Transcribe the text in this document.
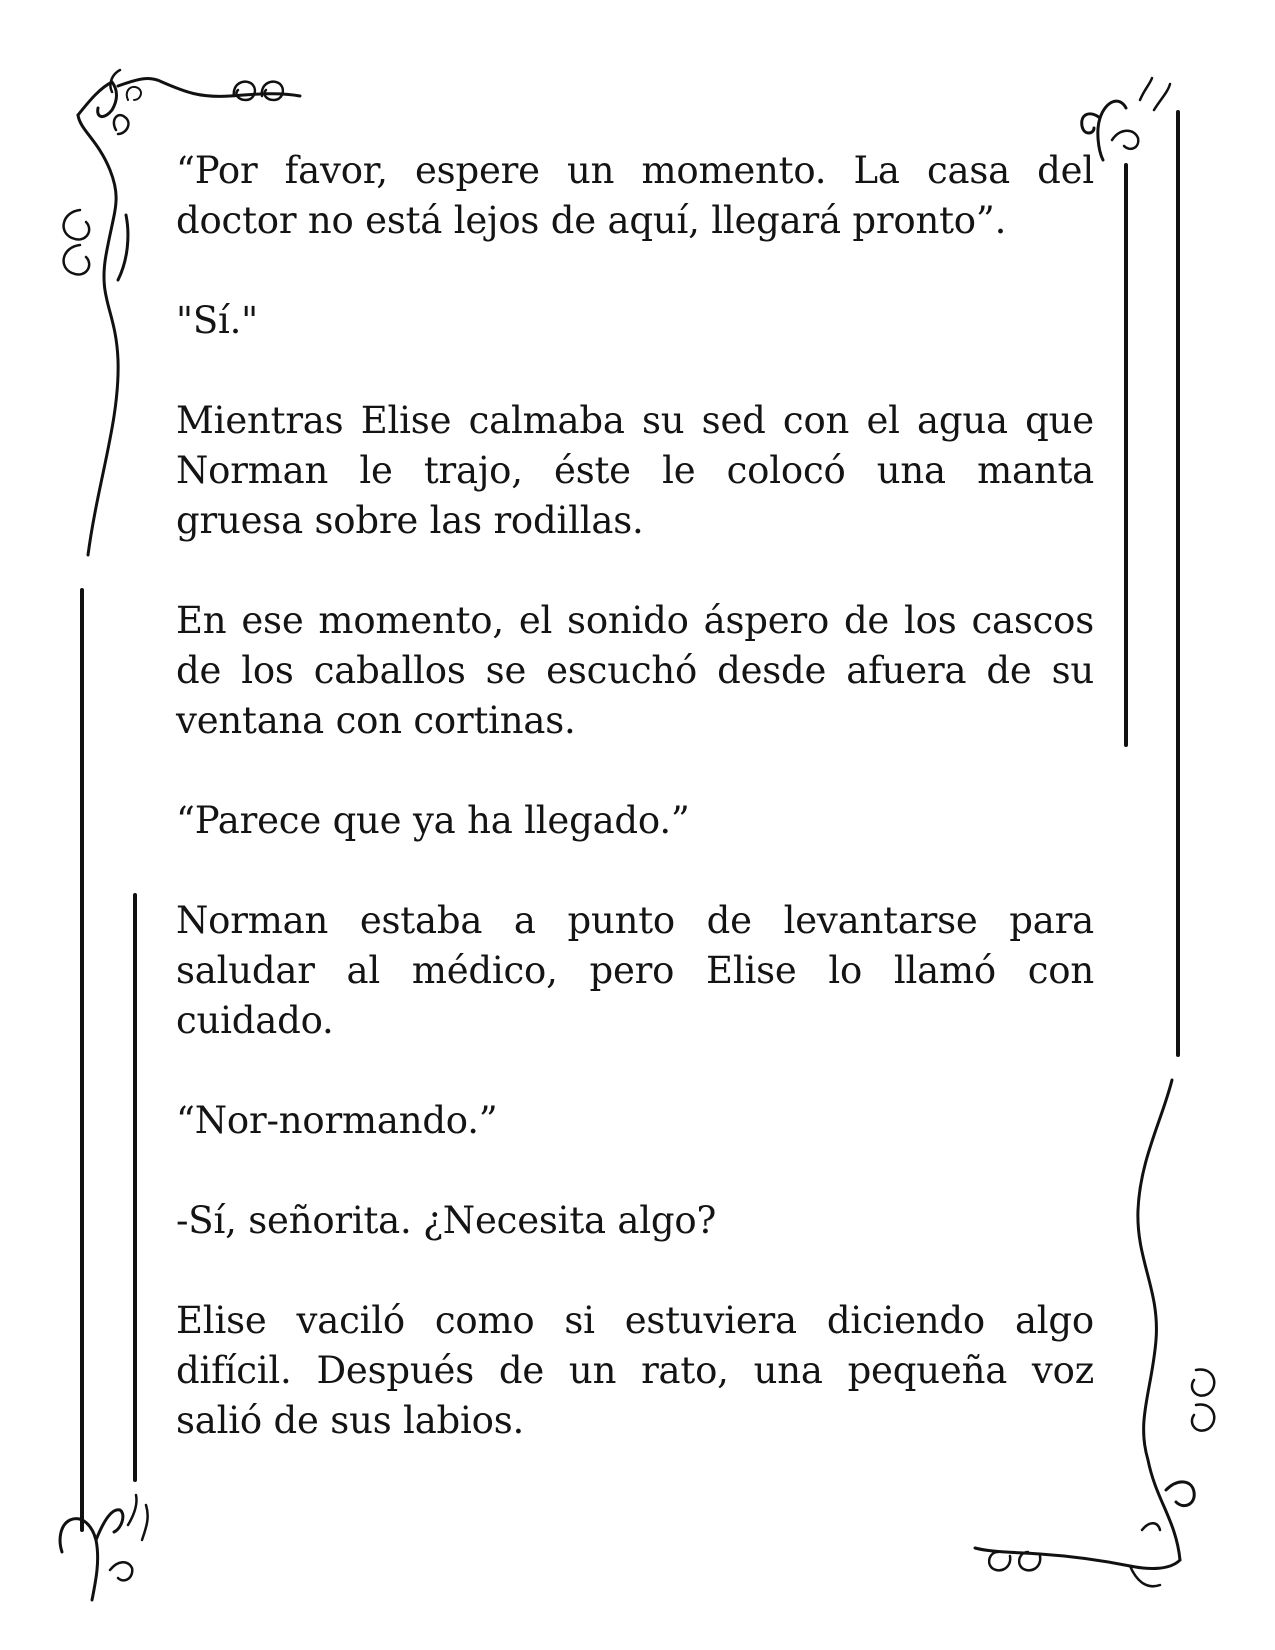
“Por favor, espere un momento. La casa del doctor no está lejos de aquí, llegará pronto”.

"Sí."

Mientras Elise calmaba su sed con el agua que Norman le trajo, éste le colocó una manta gruesa sobre las rodillas.

En ese momento, el sonido áspero de los cascos de los caballos se escuchó desde afuera de su ventana con cortinas.

“Parece que ya ha llegado.”

Norman estaba a punto de levantarse para saludar al médico, pero Elise lo llamó con cuidado.

“Nor-normando.”

-Sí, señorita. ¿Necesita algo?

Elise vaciló como si estuviera diciendo algo difícil. Después de un rato, una pequeña voz salió de sus labios.
